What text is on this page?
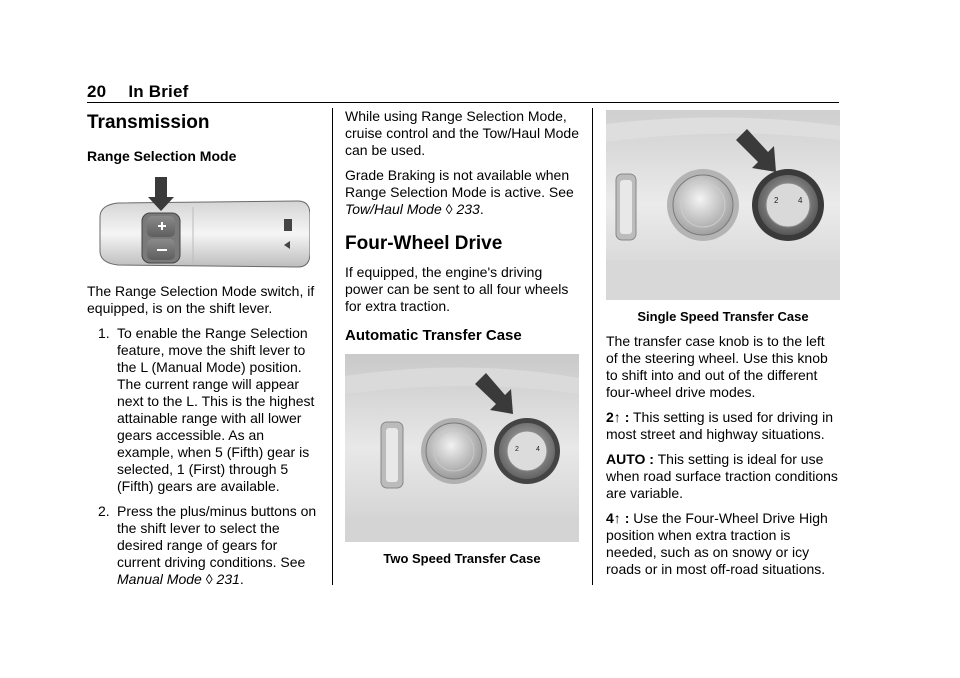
20 In Brief
Transmission
Range Selection Mode

The Range Selection Mode switch, if equipped, is on the shift lever.

1. To enable the Range Selection feature, move the shift lever to the L (Manual Mode) position. The current range will appear next to the L. This is the highest attainable range with all lower gears accessible. As an example, when 5 (Fifth) gear is selected, 1 (First) through 5 (Fifth) gears are available.
2. Press the plus/minus buttons on the shift lever to select the desired range of gears for current driving conditions. See Manual Mode ◊ 231.

While using Range Selection Mode, cruise control and the Tow/Haul Mode can be used.

Grade Braking is not available when Range Selection Mode is active. See Tow/Haul Mode ◊ 233.

Four-Wheel Drive

If equipped, the engine's driving power can be sent to all four wheels for extra traction.

Automatic Transfer Case
2 4
Two Speed Transfer Case
2 4
Single Speed Transfer Case

The transfer case knob is to the left of the steering wheel. Use this knob to shift into and out of the different four-wheel drive modes.

2↑ : This setting is used for driving in most street and highway situations.

AUTO : This setting is ideal for use when road surface traction conditions are variable.

4↑ : Use the Four-Wheel Drive High position when extra traction is needed, such as on snowy or icy roads or in most off-road situations.
